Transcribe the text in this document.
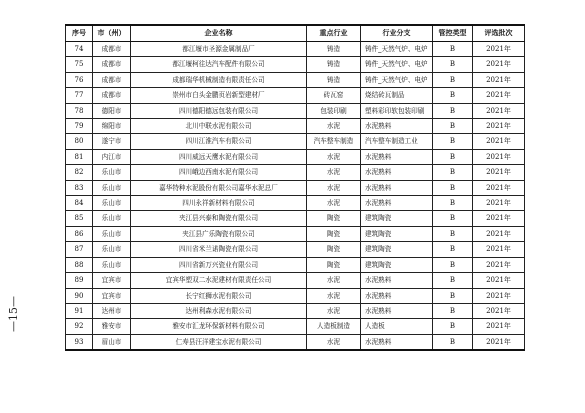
—15—
序号	市（州）	企业名称	重点行业	行业分支	管控类型	评选批次
74	成都市	都江堰市圣源金属制品厂	铸造	铸件_天然气炉、电炉	B	2021年
75	成都市	都江堰柯往达汽车配件有限公司	铸造	铸件_天然气炉、电炉	B	2021年
76	成都市	成都瑞华机械制造有限责任公司	铸造	铸件_天然气炉、电炉	B	2021年
77	成都市	崇州市白头金鹏页岩新型建材厂	砖瓦窑	烧结砖瓦制品	B	2021年
78	德阳市	四川德阳德远包装有限公司	包装印刷	塑料彩印软包装印刷	B	2021年
79	绵阳市	北川中联水泥有限公司	水泥	水泥熟料	B	2021年
80	遂宁市	四川江淮汽车有限公司	汽车整车制造	汽车整车制造工业	B	2021年
81	内江市	四川威远天鹰水泥有限公司	水泥	水泥熟料	B	2021年
82	乐山市	四川峨边西南水泥有限公司	水泥	水泥熟料	B	2021年
83	乐山市	嘉华特种水泥股份有限公司嘉华水泥总厂	水泥	水泥熟料	B	2021年
84	乐山市	四川永祥新材料有限公司	水泥	水泥熟料	B	2021年
85	乐山市	夹江县兴泰和陶瓷有限公司	陶瓷	建筑陶瓷	B	2021年
86	乐山市	夹江县广乐陶瓷有限公司	陶瓷	建筑陶瓷	B	2021年
87	乐山市	四川省米兰诺陶瓷有限公司	陶瓷	建筑陶瓷	B	2021年
88	乐山市	四川省新万兴瓷业有限公司	陶瓷	建筑陶瓷	B	2021年
89	宜宾市	宜宾华塑双二水泥建材有限责任公司	水泥	水泥熟料	B	2021年
90	宜宾市	长宁红狮水泥有限公司	水泥	水泥熟料	B	2021年
91	达州市	达州利森水泥有限公司	水泥	水泥熟料	B	2021年
92	雅安市	雅安市汇龙环保新材料有限公司	人造板制造	人造板	B	2021年
93	眉山市	仁寿县汪洋建宝水泥有限公司	水泥	水泥熟料	B	2021年
